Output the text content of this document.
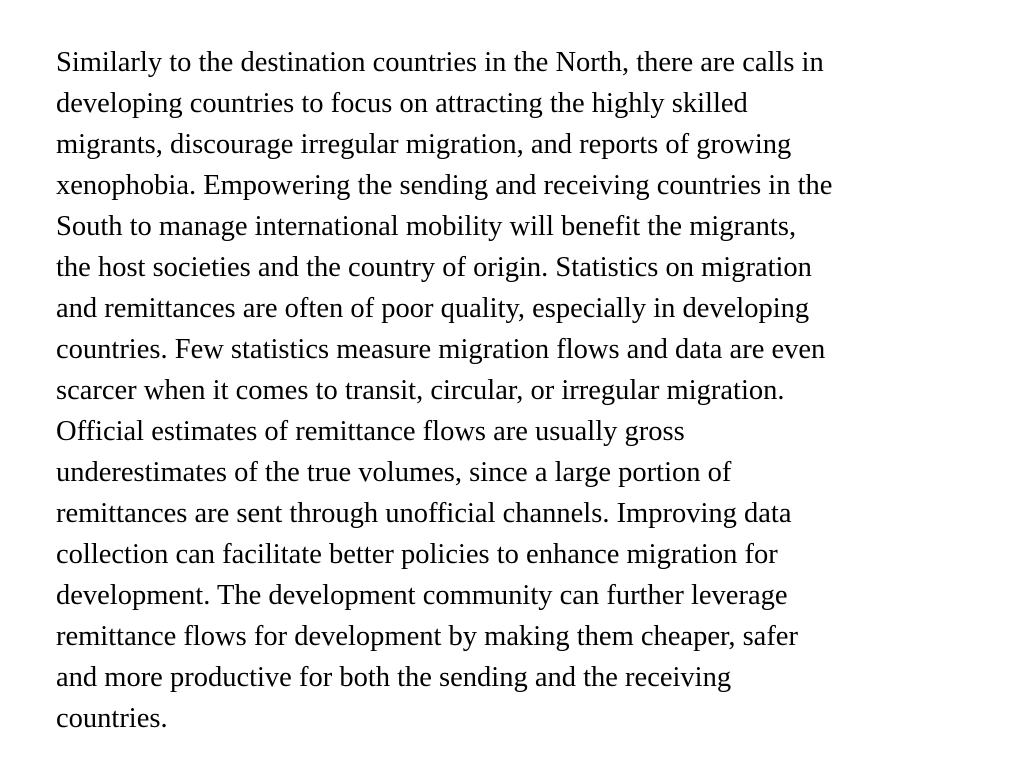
Similarly to the destination countries in the North, there are calls in
developing countries to focus on attracting the highly skilled
migrants, discourage irregular migration, and reports of growing
xenophobia. Empowering the sending and receiving countries in the
South to manage international mobility will benefit the migrants,
the host societies and the country of origin. Statistics on migration
and remittances are often of poor quality, especially in developing
countries. Few statistics measure migration flows and data are even
scarcer when it comes to transit, circular, or irregular migration.
Official estimates of remittance flows are usually gross
underestimates of the true volumes, since a large portion of
remittances are sent through unofficial channels. Improving data
collection can facilitate better policies to enhance migration for
development. The development community can further leverage
remittance flows for development by making them cheaper, safer
and more productive for both the sending and the receiving
countries.
